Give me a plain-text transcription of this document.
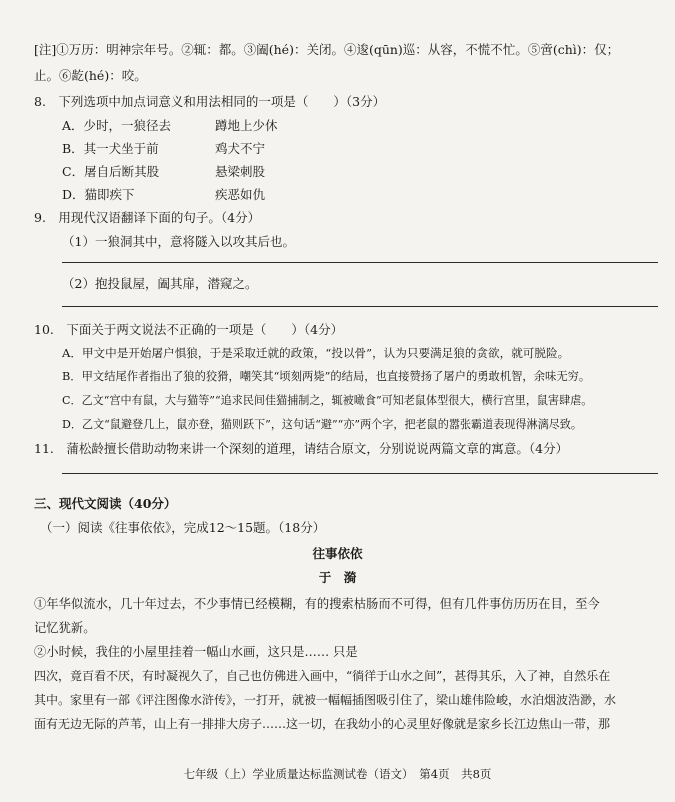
[注]①万历：明神宗年号。②辄：都。③阖(hé)：关闭。④逡(qūn)巡：从容，不慌不忙。⑤啻(chì)：仅；
止。⑥龁(hé)：咬。
8.　下列选项中加点词意义和用法相同的一项是（　　）（3分）
A．少时，一狼径去	蹲地上少休
B．其一犬坐于前	鸡犬不宁
C．屠自后断其股	悬梁刺股
D．猫即疾下	疾恶如仇
9.　用现代汉语翻译下面的句子。（4分）
（1）一狼洞其中，意将隧入以攻其后也。
（2）抱投鼠屋，阖其扉，潜窥之。
10.　下面关于两文说法不正确的一项是（　　）（4分）
A．甲文中是开始屠户惧狼，于是采取迁就的政策，“投以骨”，认为只要满足狼的贪欲，就可脱险。
B．甲文结尾作者指出了狼的狡猾，嘲笑其“顷刻两毙”的结局，也直接赞扬了屠户的勇敢机智，余味无穷。
C．乙文“宫中有鼠，大与猫等”“追求民间佳猫捕制之，辄被噉食”可知老鼠体型很大，横行宫里，鼠害肆虐。
D．乙文“鼠避登几上，鼠亦登，猫则跃下”，这句话“避”“亦”两个字，把老鼠的嚣张霸道表现得淋漓尽致。
11.　蒲松龄擅长借助动物来讲一个深刻的道理，请结合原文，分别说说两篇文章的寓意。（4分）
三、现代文阅读（40分）
（一）阅读《往事依依》，完成12～15题。（18分）
往事依依
于　漪
①年华似流水，几十年过去，不少事情已经模糊，有的搜索枯肠而不可得，但有几件事仿历历在目，至今
记忆犹新。
②小时候，我住的小屋里挂着一幅山水画，这只是…… 只是
四次，竟百看不厌，有时凝视久了，自己也仿佛进入画中，“徜徉于山水之间”，甚得其乐，入了神，自然乐在
其中。家里有一部《评注图像水浒传》，一打开，就被一幅幅插图吸引住了，梁山雄伟险峻，水泊烟波浩渺，水
面有无边无际的芦苇，山上有一排排大房子……这一切，在我幼小的心灵里好像就是家乡长江边焦山一带，那
七年级（上）学业质量达标监测试卷（语文）　第4页　共8页
